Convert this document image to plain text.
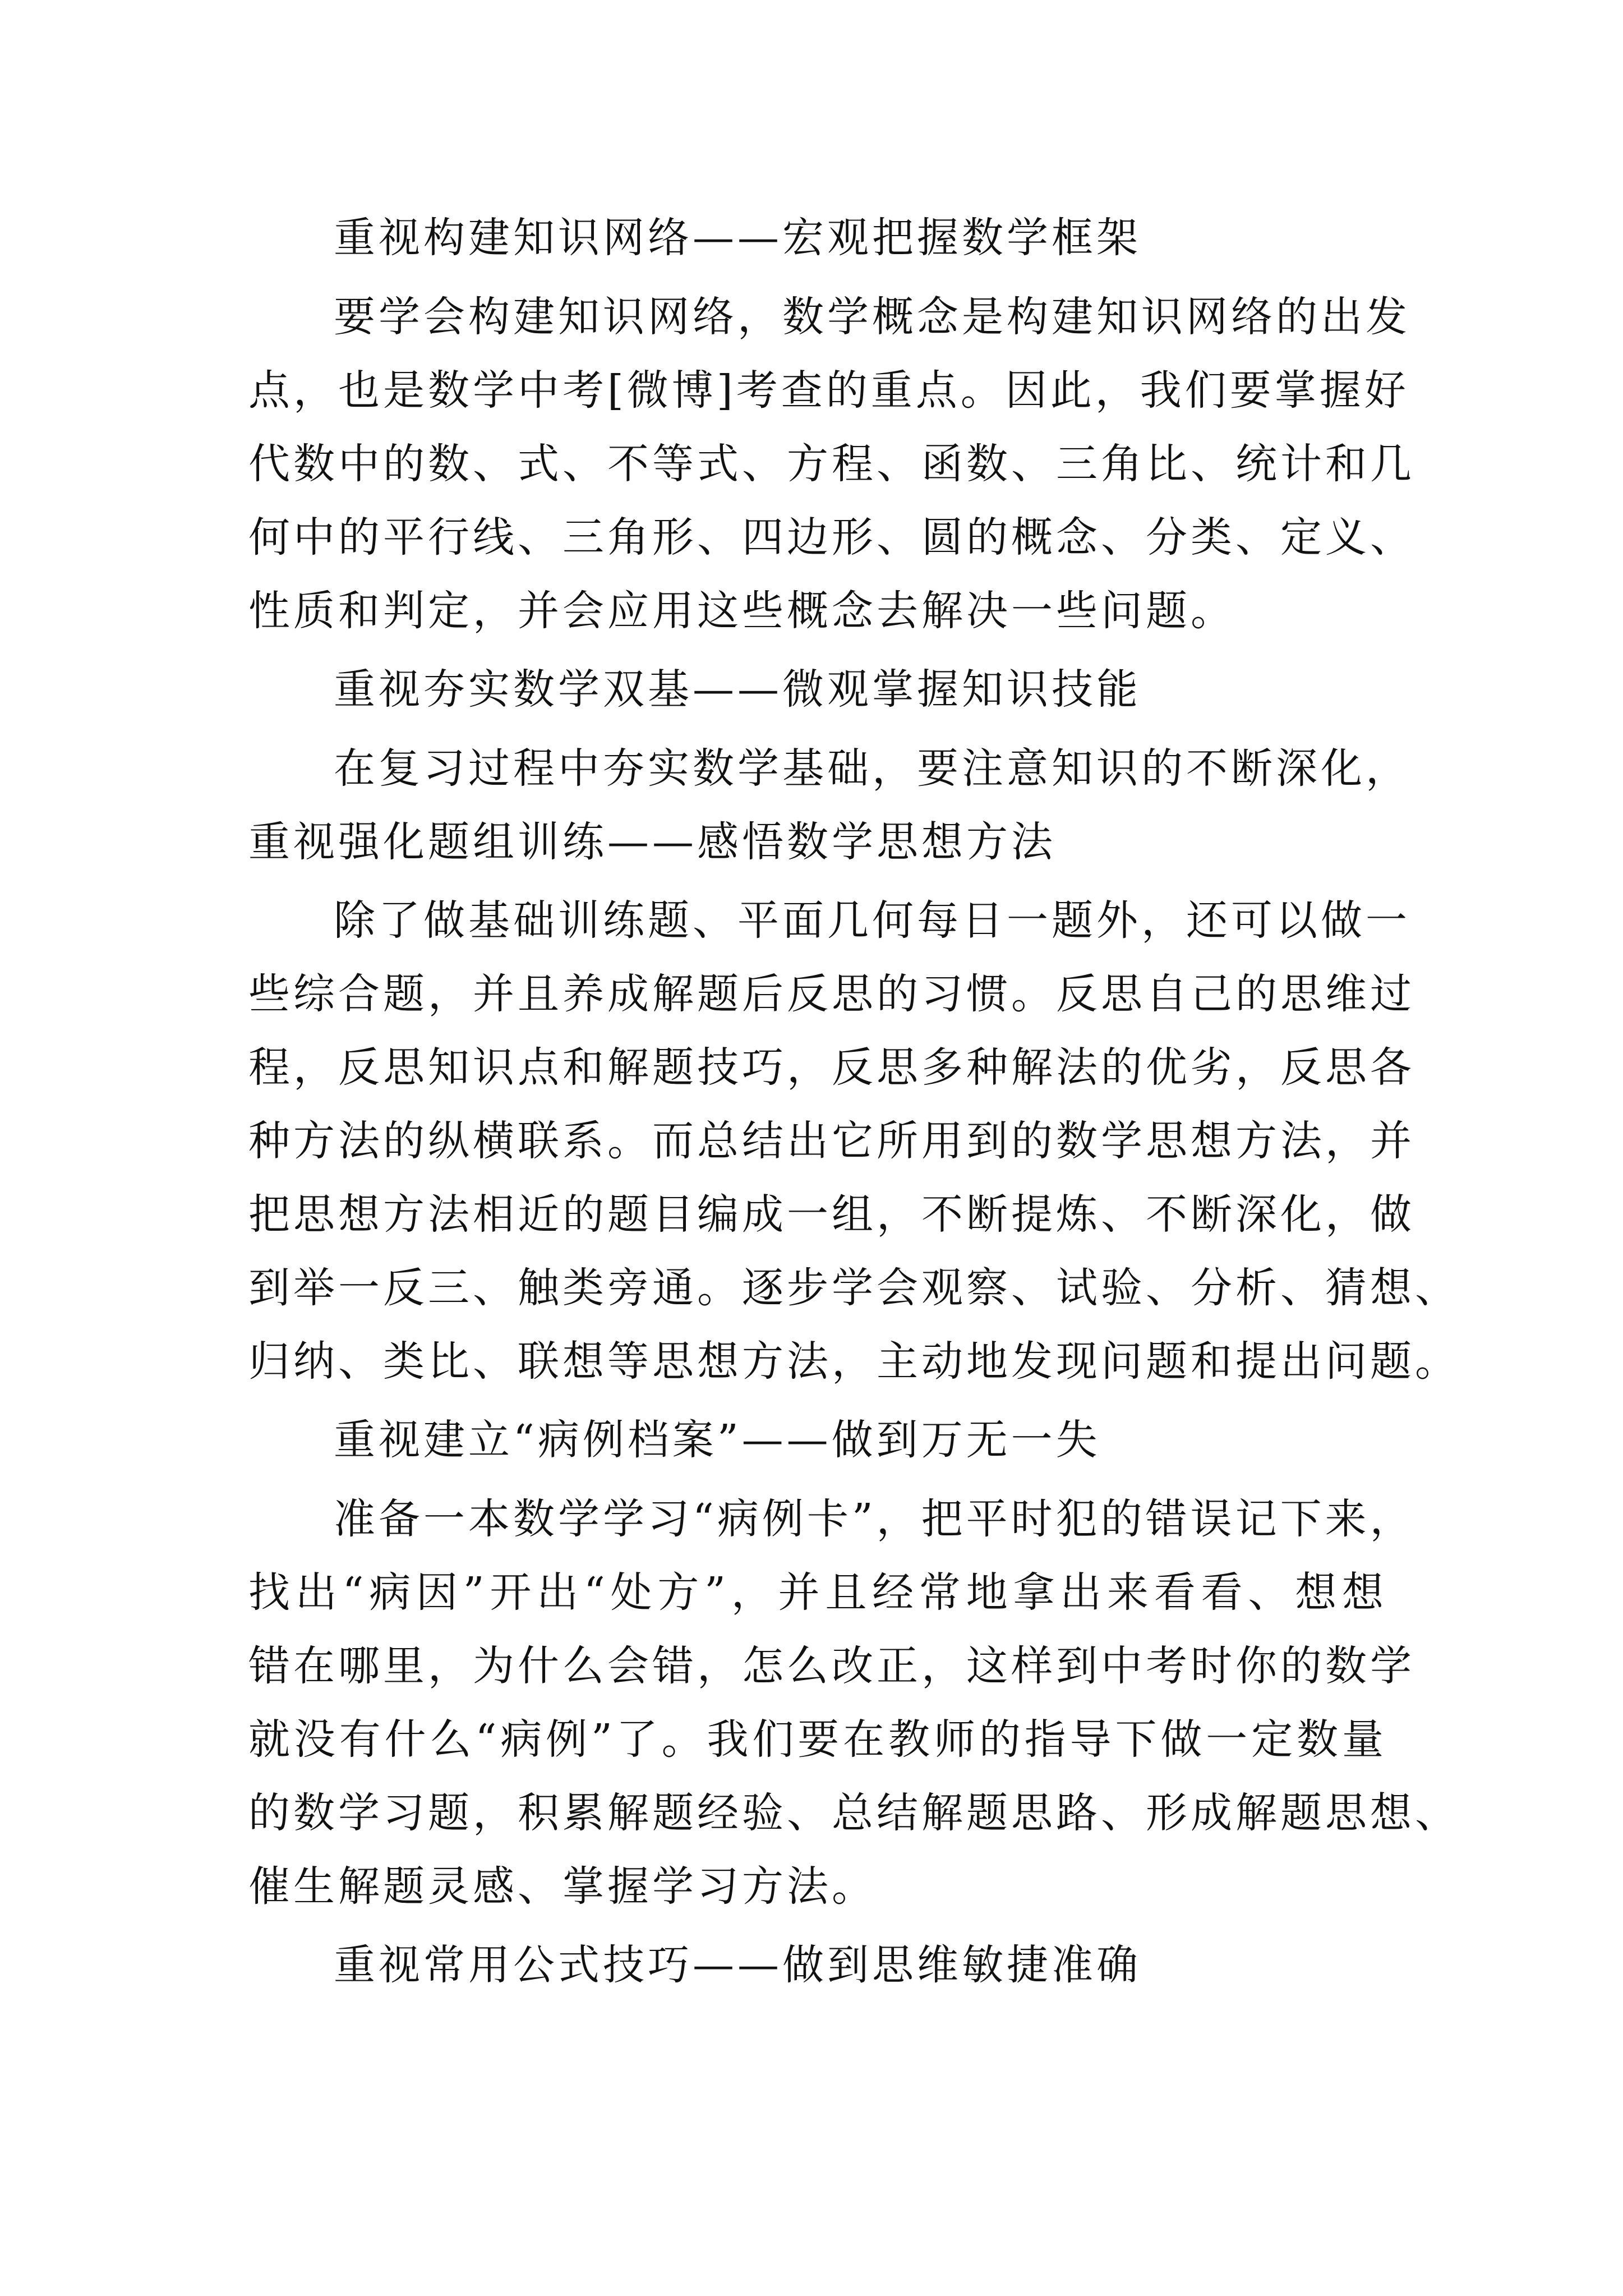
重视构建知识网络——宏观把握数学框架
要学会构建知识网络，数学概念是构建知识网络的出发
点，也是数学中考[微博]考查的重点。因此，我们要掌握好
代数中的数、式、不等式、方程、函数、三角比、统计和几
何中的平行线、三角形、四边形、圆的概念、分类、定义、
性质和判定，并会应用这些概念去解决一些问题。
重视夯实数学双基——微观掌握知识技能
在复习过程中夯实数学基础，要注意知识的不断深化，
重视强化题组训练——感悟数学思想方法
除了做基础训练题、平面几何每日一题外，还可以做一
些综合题，并且养成解题后反思的习惯。反思自己的思维过
程，反思知识点和解题技巧，反思多种解法的优劣，反思各
种方法的纵横联系。而总结出它所用到的数学思想方法，并
把思想方法相近的题目编成一组，不断提炼、不断深化，做
到举一反三、触类旁通。逐步学会观察、试验、分析、猜想、
归纳、类比、联想等思想方法，主动地发现问题和提出问题。
重视建立“病例档案”——做到万无一失
准备一本数学学习“病例卡”，把平时犯的错误记下来，
找出“病因”开出“处方”，并且经常地拿出来看看、想想
错在哪里，为什么会错，怎么改正，这样到中考时你的数学
就没有什么“病例”了。我们要在教师的指导下做一定数量
的数学习题，积累解题经验、总结解题思路、形成解题思想、
催生解题灵感、掌握学习方法。
重视常用公式技巧——做到思维敏捷准确
